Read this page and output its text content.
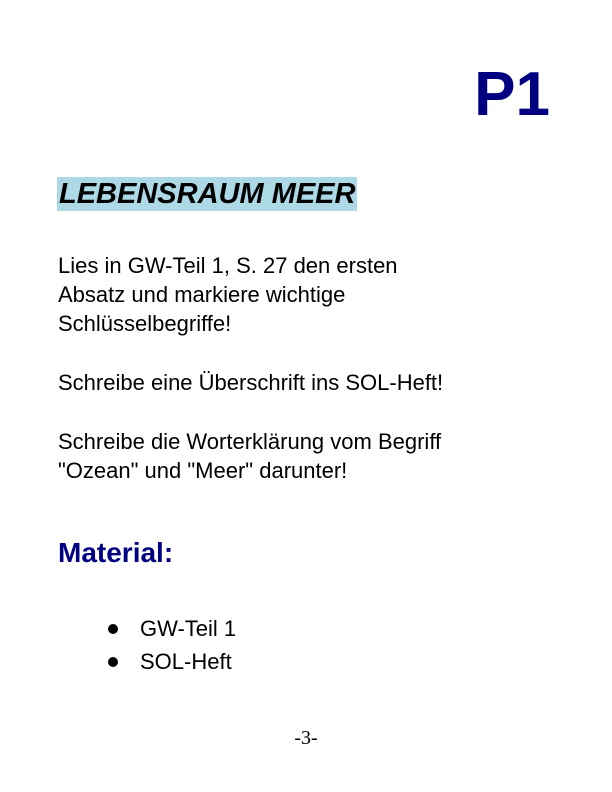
P1
LEBENSRAUM MEER

Lies in GW-Teil 1, S. 27 den ersten
Absatz und markiere wichtige
Schlüsselbegriffe!

Schreibe eine Überschrift ins SOL-Heft!

Schreibe die Worterklärung vom Begriff
"Ozean" und "Meer" darunter!

Material:
GW-Teil 1
SOL-Heft

-3-
